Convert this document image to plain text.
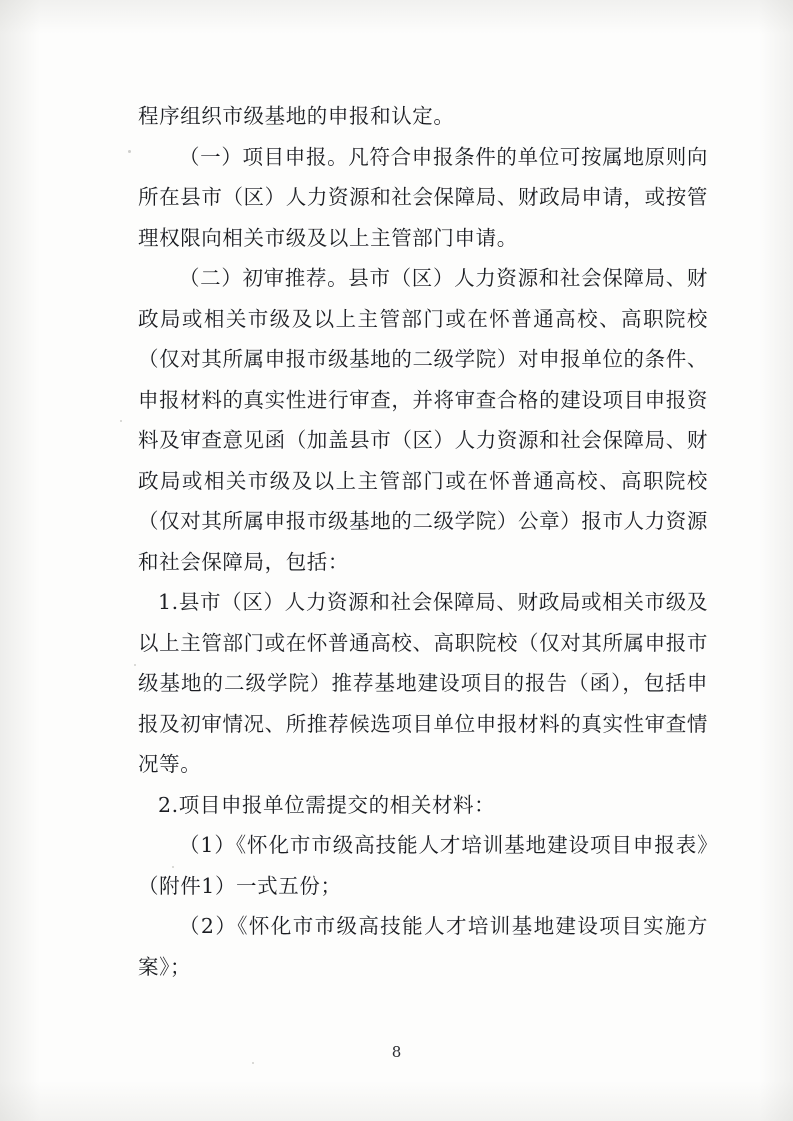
程序组织市级基地的申报和认定。

（一）项目申报。凡符合申报条件的单位可按属地原则向所在县市（区）人力资源和社会保障局、财政局申请，或按管理权限向相关市级及以上主管部门申请。

（二）初审推荐。县市（区）人力资源和社会保障局、财政局或相关市级及以上主管部门或在怀普通高校、高职院校（仅对其所属申报市级基地的二级学院）对申报单位的条件、申报材料的真实性进行审查，并将审查合格的建设项目申报资料及审查意见函（加盖县市（区）人力资源和社会保障局、财政局或相关市级及以上主管部门或在怀普通高校、高职院校（仅对其所属申报市级基地的二级学院）公章）报市人力资源和社会保障局，包括：

1.县市（区）人力资源和社会保障局、财政局或相关市级及以上主管部门或在怀普通高校、高职院校（仅对其所属申报市级基地的二级学院）推荐基地建设项目的报告（函），包括申报及初审情况、所推荐候选项目单位申报材料的真实性审查情况等。

2.项目申报单位需提交的相关材料：

（1）《怀化市市级高技能人才培训基地建设项目申报表》（附件1）一式五份；

（2）《怀化市市级高技能人才培训基地建设项目实施方案》；

8
